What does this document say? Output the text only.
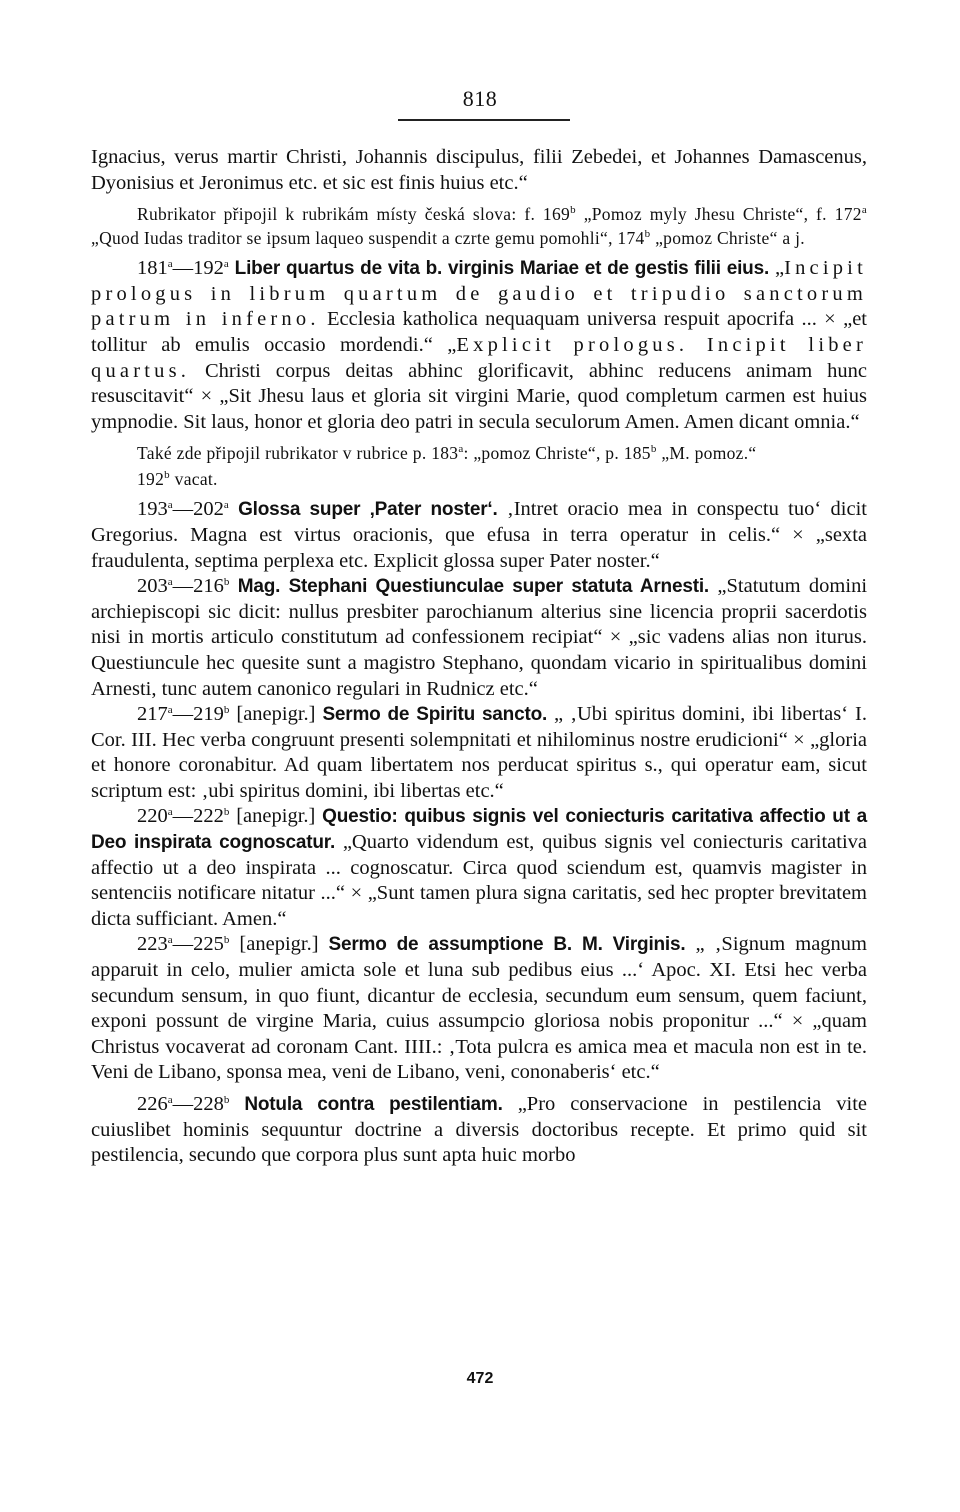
818

Ignacius, verus martir Christi, Johannis discipulus, filii Zebedei, et Johannes Damascenus, Dyonisius et Jeronimus etc. et sic est finis huius etc.“

Rubrikator připojil k rubrikám místy česká slova: f. 169$^b$ „Pomoz myly Jhesu Christe“, f. 172$^a$ „Quod Iudas traditor se ipsum laqueo suspendit a czrte gemu pomohli“, 174$^b$ „pomoz Christe“ a j.

181$^a$—192$^a$ Liber quartus de vita b. virginis Mariae et de gestis filii eius. „Incipit prologus in librum quartum de gaudio et tripudio sanctorum patrum in inferno. Ecclesia katholica nequaquam universa respuit apocrifa ... × „et tollitur ab emulis occasio mordendi.“ „Explicit prologus. Incipit liber quartus. Christi corpus deitas abhinc glorificavit, abhinc reducens animam hunc resuscitavit“ × „Sit Jhesu laus et gloria sit virgini Marie, quod completum carmen est huius ympnodie. Sit laus, honor et gloria deo patri in secula seculorum Amen. Amen dicant omnia.“

Také zde připojil rubrikator v rubrice p. 183$^a$: „pomoz Christe“, p. 185$^b$ „M. pomoz.“

192$^b$ vacat.

193$^a$—202$^a$ Glossa super ‚Pater noster‘. ‚Intret oracio mea in conspectu tuo‘ dicit Gregorius. Magna est virtus oracionis, que efusa in terra operatur in celis.“ × „sexta fraudulenta, septima perplexa etc. Explicit glossa super Pater noster.“

203$^a$—216$^b$ Mag. Stephani Questiunculae super statuta Arnesti. „Statutum domini archiepiscopi sic dicit: nullus presbiter parochianum alterius sine licencia proprii sacerdotis nisi in mortis articulo constitutum ad confessionem recipiat“ × „sic vadens alias non iturus. Questiuncule hec quesite sunt a magistro Stephano, quondam vicario in spiritualibus domini Arnesti, tunc autem canonico regulari in Rudnicz etc.“

217$^a$—219$^b$ [anepigr.] Sermo de Spiritu sancto. „ ‚Ubi spiritus domini, ibi libertas‘ I. Cor. III. Hec verba congruunt presenti solempnitati et nihilominus nostre erudicioni“ × „gloria et honore coronabitur. Ad quam libertatem nos perducat spiritus s., qui operatur eam, sicut scriptum est: ‚ubi spiritus domini, ibi libertas etc.“

220$^a$—222$^b$ [anepigr.] Questio: quibus signis vel coniecturis caritativa affectio ut a Deo inspirata cognoscatur. „Quarto videndum est, quibus signis vel coniecturis caritativa affectio ut a deo inspirata ... cognoscatur. Circa quod sciendum est, quamvis magister in sentenciis notificare nitatur ...“ × „Sunt tamen plura signa caritatis, sed hec propter brevitatem dicta sufficiant. Amen.“

223$^a$—225$^b$ [anepigr.] Sermo de assumptione B. M. Virginis. „ ‚Signum magnum apparuit in celo, mulier amicta sole et luna sub pedibus eius ...‘ Apoc. XI. Etsi hec verba secundum sensum, in quo fiunt, dicantur de ecclesia, secundum eum sensum, quem faciunt, exponi possunt de virgine Maria, cuius assumpcio gloriosa nobis proponitur ...“ × „quam Christus vocaverat ad coronam Cant. IIII.: ‚Tota pulcra es amica mea et macula non est in te. Veni de Libano, sponsa mea, veni de Libano, veni, cononaberis‘ etc.“

226$^a$—228$^b$ Notula contra pestilentiam. „Pro conservacione in pestilencia vite cuiuslibet hominis sequuntur doctrine a diversis doctoribus recepte. Et primo quid sit pestilencia, secundo que corpora plus sunt apta huic morbo

472
